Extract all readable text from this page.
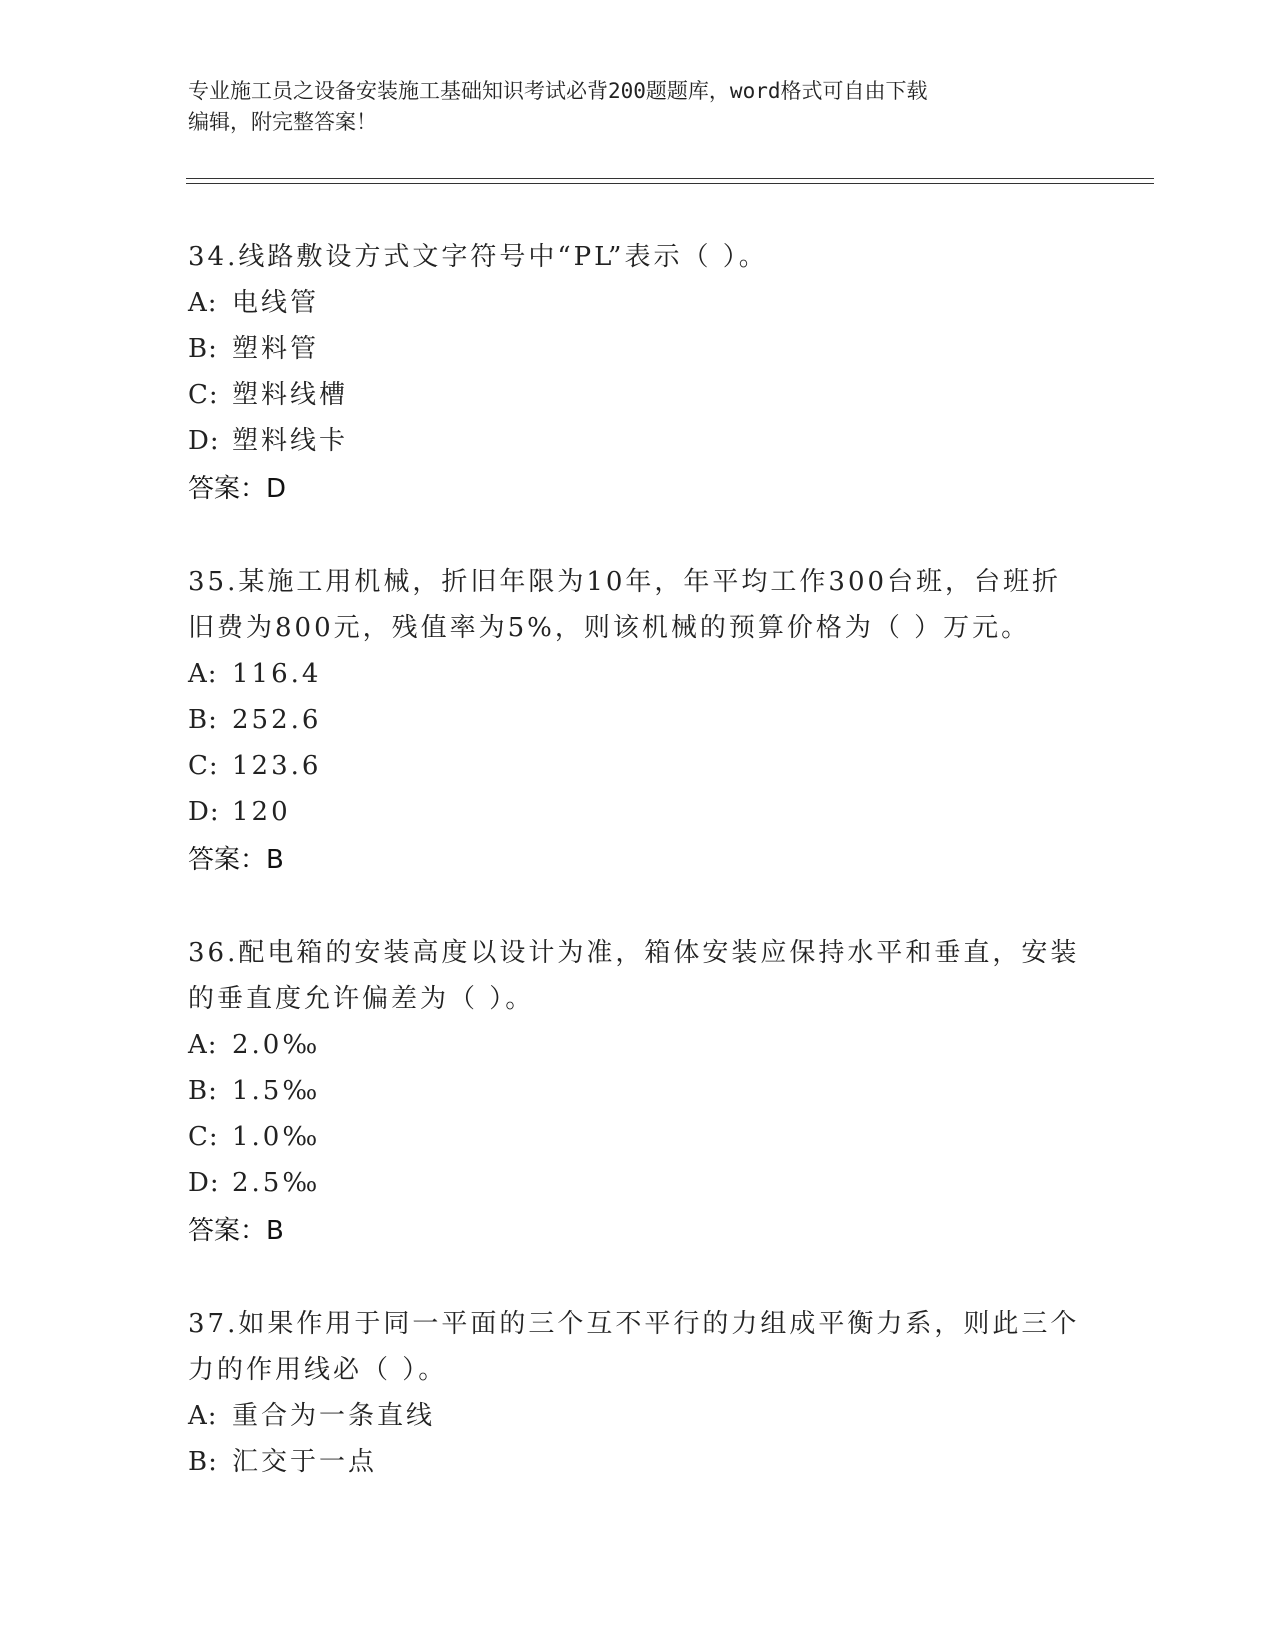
专业施工员之设备安装施工基础知识考试必背200题题库，word格式可自由下载
编辑，附完整答案！
34.线路敷设方式文字符号中“PL”表示（ ）。
A: 电线管
B: 塑料管
C: 塑料线槽
D: 塑料线卡
答案：D
35.某施工用机械，折旧年限为10年，年平均工作300台班，台班折
旧费为800元，残值率为5%，则该机械的预算价格为（ ）万元。
A: 116.4
B: 252.6
C: 123.6
D: 120
答案：B
36.配电箱的安装高度以设计为准，箱体安装应保持水平和垂直，安装
的垂直度允许偏差为（ ）。
A: 2.0‰
B: 1.5‰
C: 1.0‰
D: 2.5‰
答案：B
37.如果作用于同一平面的三个互不平行的力组成平衡力系，则此三个
力的作用线必（ ）。
A: 重合为一条直线
B: 汇交于一点
